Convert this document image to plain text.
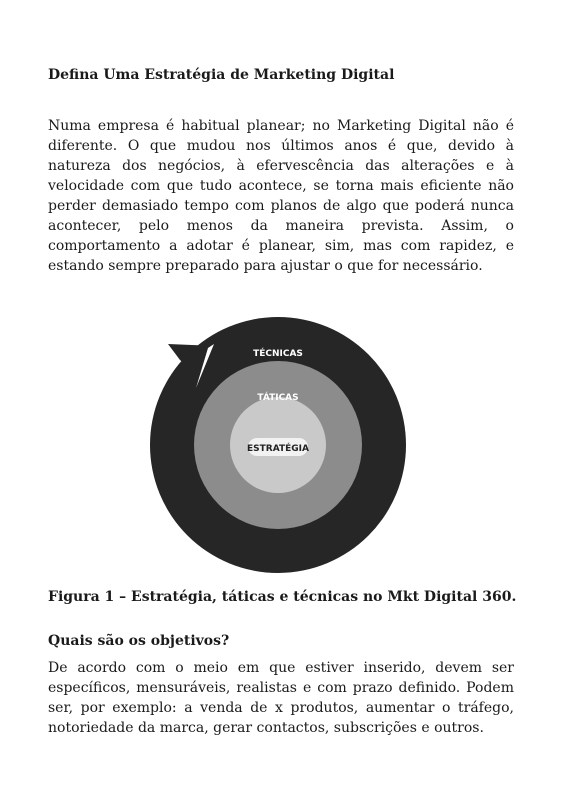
Defina Uma Estratégia de Marketing Digital
Numa empresa é habitual planear; no Marketing Digital não é
diferente. O que mudou nos últimos anos é que, devido à
natureza dos negócios, à efervescência das alterações e à
velocidade com que tudo acontece, se torna mais eficiente não
perder demasiado tempo com planos de algo que poderá nunca
acontecer, pelo menos da maneira prevista. Assim, o
comportamento a adotar é planear, sim, mas com rapidez, e
estando sempre preparado para ajustar o que for necessário.
TÉCNICAS
TÁTICAS
ESTRATÉGIA
Figura 1 – Estratégia, táticas e técnicas no Mkt Digital 360.
Quais são os objetivos?
De acordo com o meio em que estiver inserido, devem ser
específicos, mensuráveis, realistas e com prazo definido. Podem
ser, por exemplo: a venda de x produtos, aumentar o tráfego,
notoriedade da marca, gerar contactos, subscrições e outros.
